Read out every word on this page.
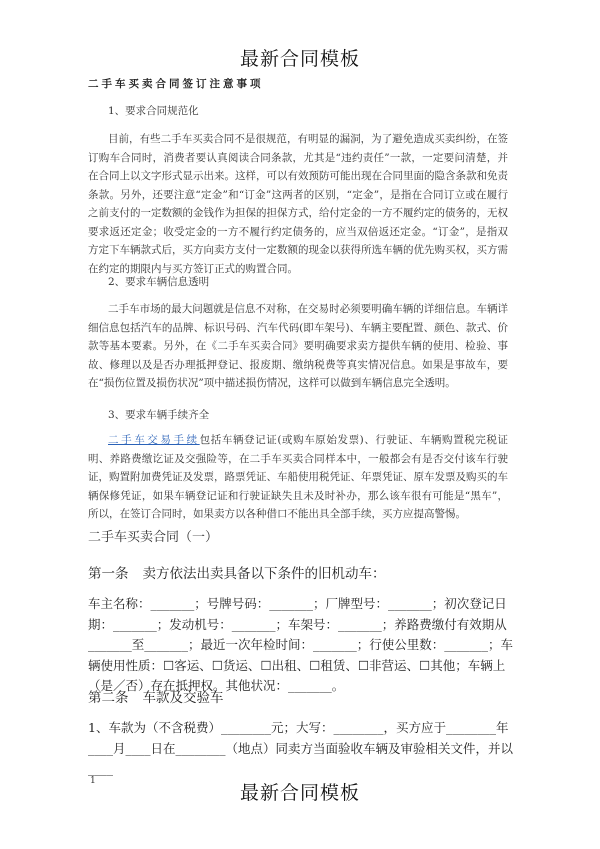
最新合同模板
二手车买卖合同签订注意事项
1、要求合同规范化

目前，有些二手车买卖合同不是很规范，有明显的漏洞，为了避免造成买卖纠纷，在签订购车合同时，消费者要认真阅读合同条款，尤其是“违约责任”一款，一定要问清楚，并在合同上以文字形式显示出来。这样，可以有效预防可能出现在合同里面的隐含条款和免责条款。另外，还要注意“定金”和“订金”这两者的区别，“定金”，是指在合同订立或在履行之前支付的一定数额的金钱作为担保的担保方式，给付定金的一方不履约定的债务的，无权要求返还定金；收受定金的一方不履行约定债务的，应当双倍返还定金。“订金”，是指双方定下车辆款式后，买方向卖方支付一定数额的现金以获得所选车辆的优先购买权，买方需在约定的期限内与买方签订正式的购置合同。

2、要求车辆信息透明

二手车市场的最大问题就是信息不对称，在交易时必须要明确车辆的详细信息。车辆详细信息包括汽车的品牌、标识号码、汽车代码(即车架号)、车辆主要配置、颜色、款式、价款等基本要素。另外，在《二手车买卖合同》要明确要求卖方提供车辆的使用、检验、事故、修理以及是否办理抵押登记、报废期、缴纳税费等真实情况信息。如果是事故车，要在“损伤位置及损伤状况”项中描述损伤情况，这样可以做到车辆信息完全透明。

3、要求车辆手续齐全

二手车交易手续包括车辆登记证(或购车原始发票)、行驶证、车辆购置税完税证明、养路费缴讫证及交强险等，在二手车买卖合同样本中，一般都会有是否交付该车行驶证，购置附加费凭证及发票，路票凭证、车船使用税凭证、年票凭证、原车发票及购买的车辆保修凭证，如果车辆登记证和行驶证缺失且未及时补办，那么该车很有可能是“黑车”，所以，在签订合同时，如果卖方以各种借口不能出具全部手续，买方应提高警惕。

二手车买卖合同（一）
第一条 卖方依法出卖具备以下条件的旧机动车：

车主名称：_______；号牌号码：_______；厂牌型号：_______；初次登记日期：_______；发动机号：_______；车架号：_______；养路费缴付有效期从_______至_______；最近一次年检时间：_______；行使公里数：_______；车辆使用性质：☐客运、☐货运、☐出租、☐租赁、☐非营运、☐其他；车辆上（是／否）存在抵押权。其他状况：_______。

第二条 车款及交验车

1、车款为（不含税费）________元；大写：________，买方应于________年____月____日在________（地点）同卖方当面验收车辆及审验相关文件，并以____

1
最新合同模板
